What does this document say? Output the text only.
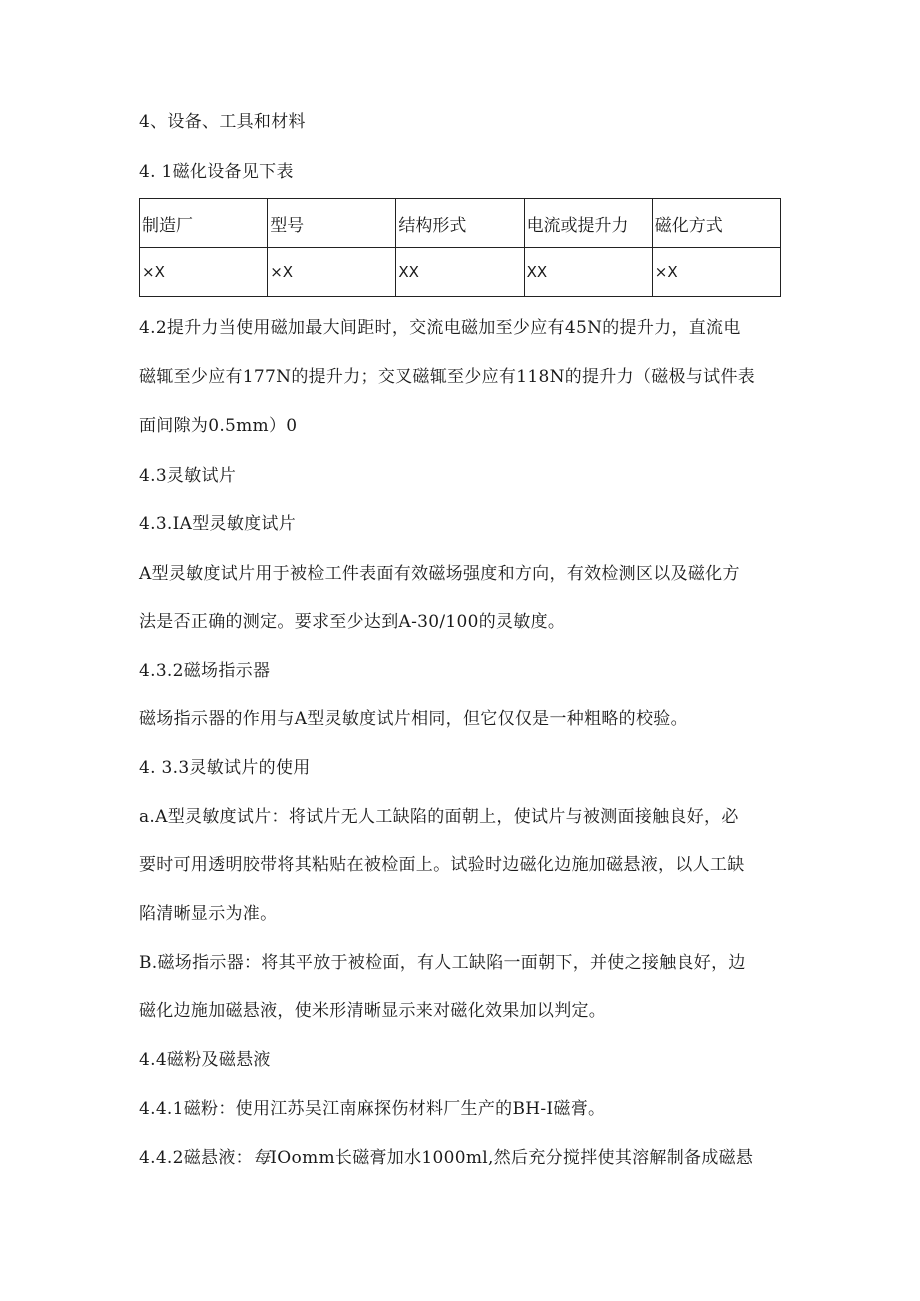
4、设备、工具和材料
4. 1磁化设备见下表
制造厂	型号	结构形式	电流或提升力	磁化方式
×X	×X	XX	XX	×X
4.2提升力当使用磁加最大间距时，交流电磁加至少应有45N的提升力，直流电
磁辄至少应有177N的提升力；交叉磁辄至少应有118N的提升力（磁极与试件表
面间隙为0.5mm）0
4.3灵敏试片
4.3.IA型灵敏度试片
A型灵敏度试片用于被检工件表面有效磁场强度和方向，有效检测区以及磁化方
法是否正确的测定。要求至少达到A-30/100的灵敏度。
4.3.2磁场指示器
磁场指示器的作用与A型灵敏度试片相同，但它仅仅是一种粗略的校验。
4. 3.3灵敏试片的使用
a.A型灵敏度试片：将试片无人工缺陷的面朝上，使试片与被测面接触良好，必
要时可用透明胶带将其粘贴在被检面上。试验时边磁化边施加磁悬液，以人工缺
陷清晰显示为准。
B.磁场指示器：将其平放于被检面，有人工缺陷一面朝下，并使之接触良好，边
磁化边施加磁悬液，使米形清晰显示来对磁化效果加以判定。
4.4磁粉及磁悬液
4.4.1磁粉：使用江苏吴江南麻探伤材料厂生产的BH-I磁膏。
4.4.2磁悬液：每IOomm长磁膏加水1000ml,然后充分搅拌使其溶解制备成磁悬
